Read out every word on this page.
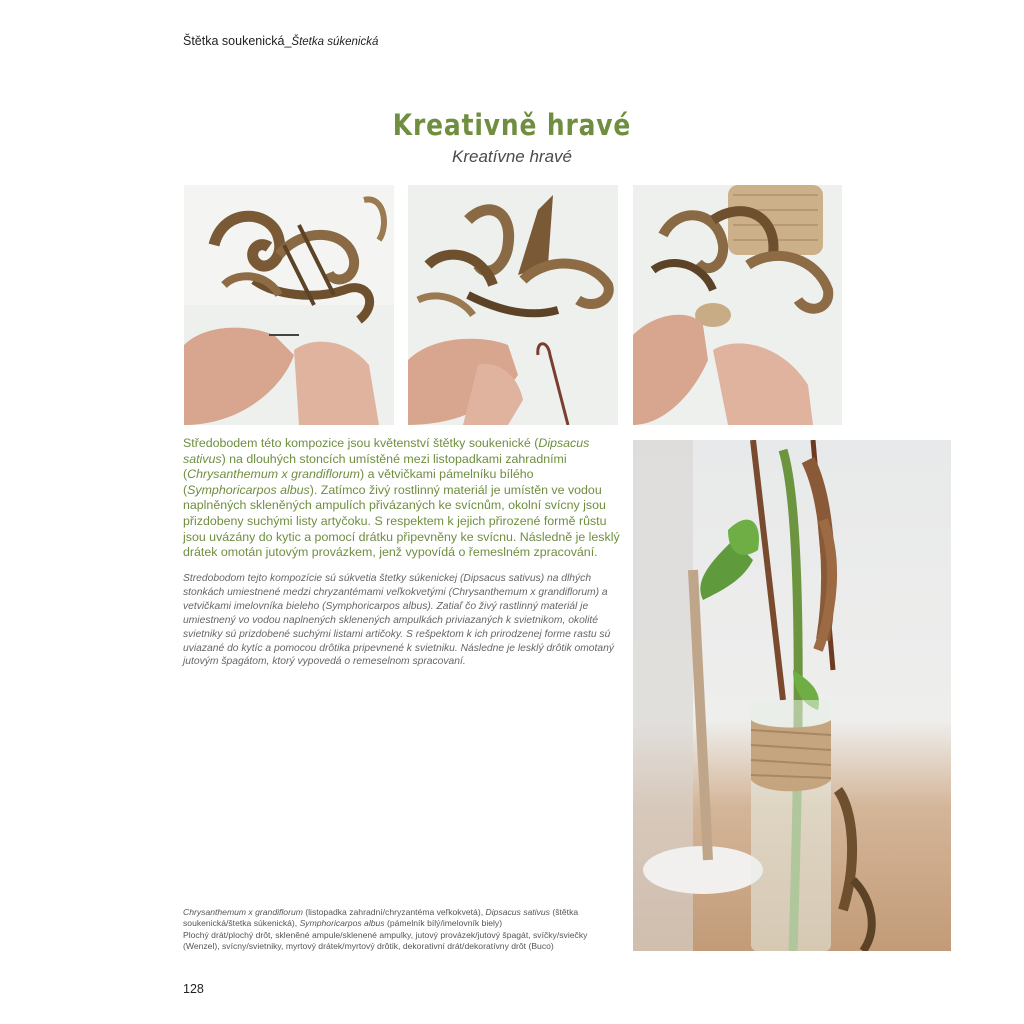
Štětka soukenická_Štetka súkenická
Kreativně hravé
Kreatívne hravé
Středobodem této kompozice jsou květenství štětky soukenické (Dipsacus sativus) na dlouhých stoncích umístěné mezi listopadkami zahradními (Chrysanthemum x grandiflorum) a větvičkami pámelníku bílého (Symphoricarpos albus). Zatímco živý rostlinný materiál je umístěn ve vodou naplněných skleněných ampulích přivázaných ke svícnům, okolní svícny jsou přizdobeny suchými listy artyčoku. S respektem k jejich přirozené formě růstu jsou uvázány do kytic a pomocí drátku připevněny ke svícnu. Následně je lesklý drátek omotán jutovým provázkem, jenž vypovídá o řemeslném zpracování.
Stredobodom tejto kompozície sú súkvetia štetky súkenickej (Dipsacus sativus) na dlhých stonkách umiestnené medzi chryzantémami veľkokvetými (Chrysanthemum x grandiflorum) a vetvičkami imelovníka bieleho (Symphoricarpos albus). Zatiaľ čo živý rastlinný materiál je umiestnený vo vodou naplnených sklenených ampulkách priviazaných k svietnikom, okolité svietniky sú prizdobené suchými listami artičoky. S rešpektom k ich prirodzenej forme rastu sú uviazané do kytíc a pomocou drôtika pripevnené k svietniku. Následne je lesklý drôtik omotaný jutovým špagátom, ktorý vypovedá o remeselnom spracovaní.
Chrysanthemum x grandiflorum (listopadka zahradní/chryzantéma veľkokvetá), Dipsacus sativus (štětka soukenická/štetka súkenická), Symphoricarpos albus (pámelník bílý/imelovník biely)
Plochý drát/plochý drôt, skleněné ampule/sklenené ampulky, jutový provázek/jutový špagát, svíčky/sviečky (Wenzel), svícny/svietniky, myrtový drátek/myrtový drôtik, dekorativní drát/dekoratívny drôt (Buco)
128
